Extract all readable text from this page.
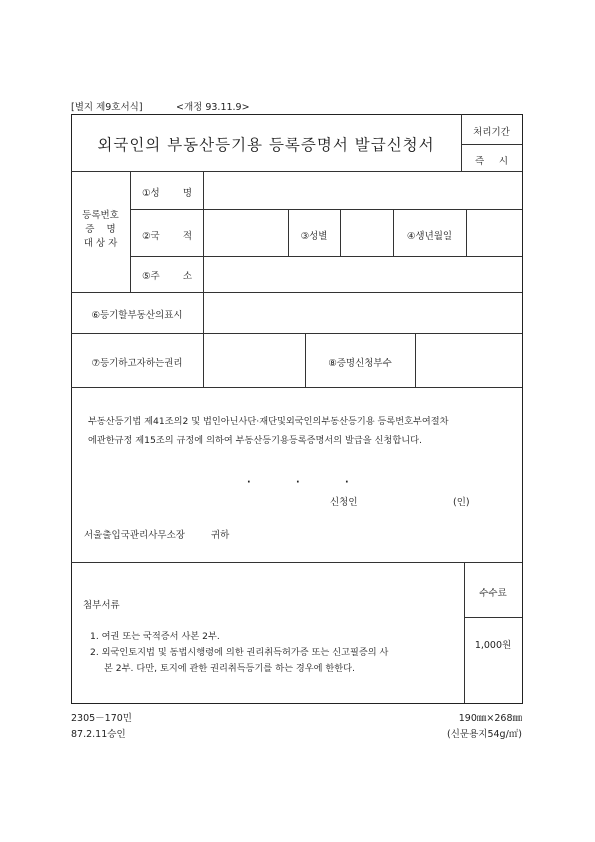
[별지 제9호서식]	<개정 93.11.9>
외국인의 부동산등기용 등록증명서 발급신청서
처리기간
즉 시
등록번호
증    명
대 상 자
①성 명
②국 적	③성별	④생년월일
⑤주 소
⑥등기할부동산의표시
⑦등기하고자하는권리	⑧증명신청부수
부동산등기법 제41조의2 및 법인아닌사단·재단및외국인의부동산등기용 등록번호부여절차
에관한규정 제15조의 규정에 의하여 부동산등기용등록증명서의 발급을 신청합니다.
·	·	·
신청인	(인)
서울출입국관리사무소장	귀하
첨부서류
1. 여권 또는 국적증서 사본 2부.
2. 외국인토지법 및 동법시행령에 의한 권리취득허가증 또는 신고필증의 사
본 2부. 다만, 토지에 관한 권리취득등기를 하는 경우에 한한다.
수수료
1,000원
2305－170민
87.2.11승인
190㎜×268㎜
(신문용지54g/㎡)
